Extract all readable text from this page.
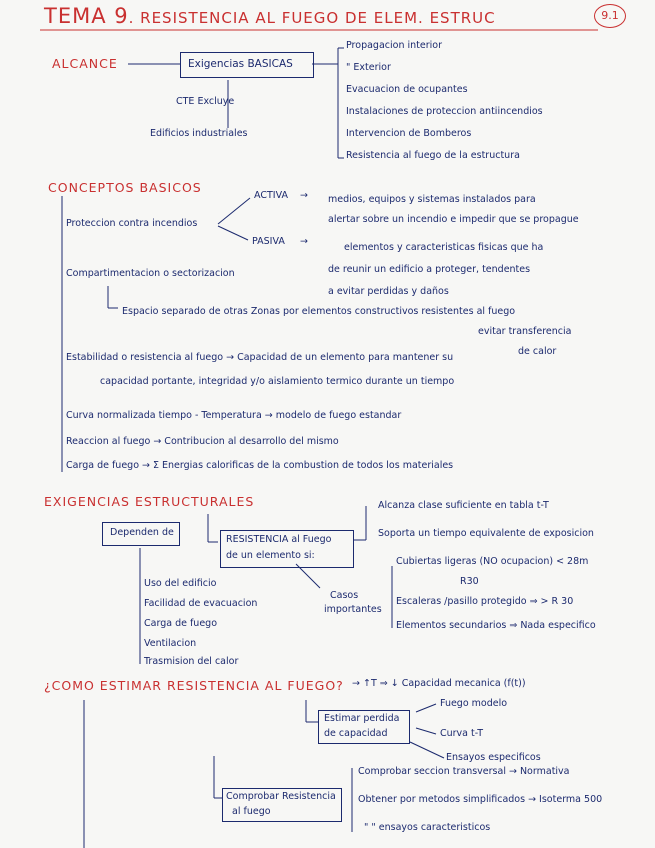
TEMA 9. RESISTENCIA AL FUEGO DE ELEM. ESTRUC	9.1
ALCANCE	Exigencias BASICAS
CTE Excluye
Edificios industriales
Propagacion interior
" Exterior
Evacuacion de ocupantes
Instalaciones de proteccion antiincendios
Intervencion de Bomberos
Resistencia al fuego de la estructura
CONCEPTOS BASICOS
Proteccion contra incendios
ACTIVA → medios, equipos y sistemas instalados para
alertar sobre un incendio e impedir que se propague
PASIVA →
elementos y caracteristicas fisicas que ha
de reunir un edificio a proteger, tendentes
a evitar perdidas y daños
Compartimentacion o sectorizacion
Espacio separado de otras Zonas por elementos constructivos resistentes al fuego
evitar transferencia
de calor
Estabilidad o resistencia al fuego → Capacidad de un elemento para mantener su
capacidad portante, integridad y/o aislamiento termico durante un tiempo
Curva normalizada tiempo - Temperatura → modelo de fuego estandar
Reaccion al fuego → Contribucion al desarrollo del mismo
Carga de fuego → Σ Energias calorificas de la combustion de todos los materiales
EXIGENCIAS ESTRUCTURALES
Dependen de
Uso del edificio
Facilidad de evacuacion
Carga de fuego
Ventilacion
Trasmision del calor
RESISTENCIA al Fuego
de un elemento si:
Alcanza clase suficiente en tabla t-T
Soporta un tiempo equivalente de exposicion
Casos
importantes
Cubiertas ligeras (NO ocupacion) < 28m
R30
Escaleras /pasillo protegido ⇒ > R 30
Elementos secundarios ⇒ Nada especifico
¿COMO ESTIMAR RESISTENCIA AL FUEGO? → ↑T ⇒ ↓ Capacidad mecanica (f(t))
Estimar perdida
de capacidad
Fuego modelo
Curva t-T
Ensayos especificos
Comprobar Resistencia
al fuego
Comprobar seccion transversal → Normativa
Obtener por metodos simplificados → Isoterma 500
" " ensayos caracteristicos
